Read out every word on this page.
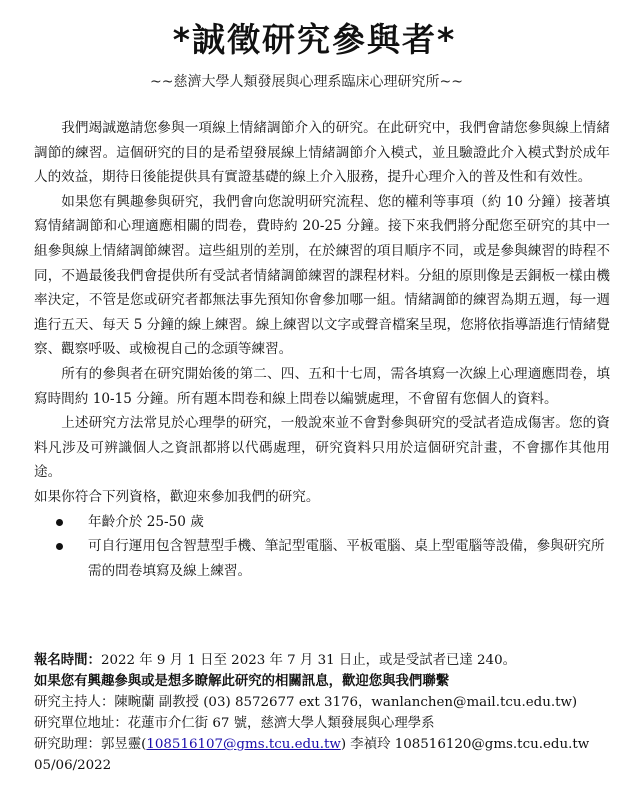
*誠徵研究參與者*
~~慈濟大學人類發展與心理系臨床心理研究所~~

我們竭誠邀請您參與一項線上情緒調節介入的研究。在此研究中，我們會請您參與線上情緒調節的練習。這個研究的目的是希望發展線上情緒調節介入模式，並且驗證此介入模式對於成年人的效益，期待日後能提供具有實證基礎的線上介入服務，提升心理介入的普及性和有效性。

如果您有興趣參與研究，我們會向您說明研究流程、您的權利等事項（約 10 分鐘）接著填寫情緒調節和心理適應相關的問卷，費時約 20-25 分鐘。接下來我們將分配您至研究的其中一組參與線上情緒調節練習。這些組別的差別，在於練習的項目順序不同，或是參與練習的時程不同，不過最後我們會提供所有受試者情緒調節練習的課程材料。分組的原則像是丟銅板一樣由機率決定，不管是您或研究者都無法事先預知你會參加哪一組。情緒調節的練習為期五週，每一週進行五天、每天 5 分鐘的線上練習。線上練習以文字或聲音檔案呈現，您將依指導語進行情緒覺察、觀察呼吸、或檢視自己的念頭等練習。

所有的參與者在研究開始後的第二、四、五和十七周，需各填寫一次線上心理適應問卷，填寫時間約 10-15 分鐘。所有題本問卷和線上問卷以編號處理，不會留有您個人的資料。

上述研究方法常見於心理學的研究，一般說來並不會對參與研究的受試者造成傷害。您的資料凡涉及可辨識個人之資訊都將以代碼處理，研究資料只用於這個研究計畫，不會挪作其他用途。

如果你符合下列資格，歡迎來參加我們的研究。

年齡介於 25-50 歲
可自行運用包含智慧型手機、筆記型電腦、平板電腦、桌上型電腦等設備，參與研究所需的問卷填寫及線上練習。
報名時間：2022 年 9 月 1 日至 2023 年 7 月 31 日止，或是受試者已達 240。
如果您有興趣參與或是想多瞭解此研究的相關訊息，歡迎您與我們聯繫
研究主持人：陳畹蘭 副教授 (03) 8572677 ext 3176，wanlanchen@mail.tcu.edu.tw)
研究單位地址：花蓮市介仁街 67 號，慈濟大學人類發展與心理學系
研究助理：郭昱靈(108516107@gms.tcu.edu.tw) 李禎玲 108516120@gms.tcu.edu.tw
05/06/2022
